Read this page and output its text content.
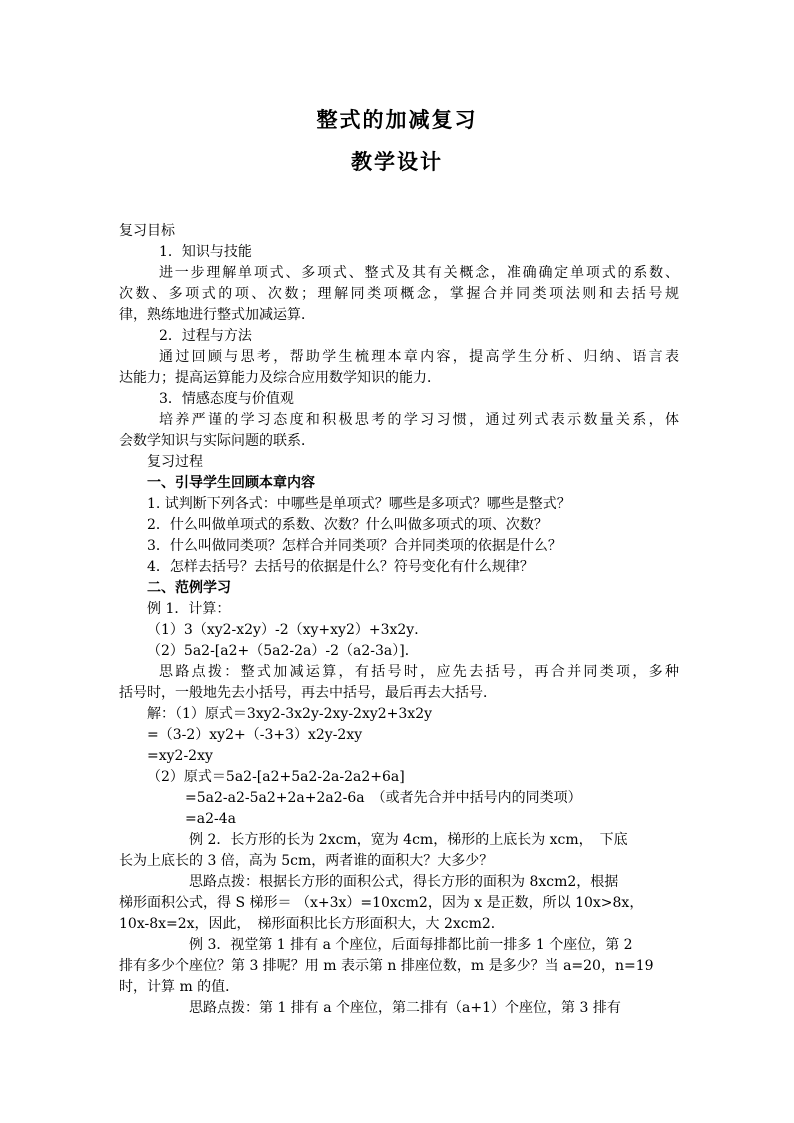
整式的加减复习
教学设计
复习目标
1．知识与技能
进一步理解单项式、多项式、整式及其有关概念，准确确定单项式的系数、
次数、多项式的项、次数；理解同类项概念，掌握合并同类项法则和去括号规
律，熟练地进行整式加减运算．
2．过程与方法
通过回顾与思考，帮助学生梳理本章内容，提高学生分析、归纳、语言表
达能力；提高运算能力及综合应用数学知识的能力．
3．情感态度与价值观
培养严谨的学习态度和积极思考的学习习惯，通过列式表示数量关系，体
会数学知识与实际问题的联系．
复习过程
一、引导学生回顾本章内容
1. 试判断下列各式：中哪些是单项式？哪些是多项式？哪些是整式？
2．什么叫做单项式的系数、次数？什么叫做多项式的项、次数？
3．什么叫做同类项？怎样合并同类项？合并同类项的依据是什么？
4．怎样去括号？去括号的依据是什么？符号变化有什么规律？
二、范例学习
例 1．计算：
（1）3（xy2-x2y）-2（xy+xy2）+3x2y．
（2）5a2-[a2+（5a2-2a）-2（a2-3a）]．
思路点拨：整式加减运算，有括号时，应先去括号，再合并同类项，多种
括号时，一般地先去小括号，再去中括号，最后再去大括号．
解：（1）原式＝3xy2-3x2y-2xy-2xy2+3x2y
=（3-2）xy2+（-3+3）x2y-2xy
=xy2-2xy
（2）原式＝5a2-[a2+5a2-2a-2a2+6a]
=5a2-a2-5a2+2a+2a2-6a　（或者先合并中括号内的同类项）
=a2-4a
例 2．长方形的长为 2xcm，宽为 4cm，梯形的上底长为 xcm，　下底
长为上底长的 3 倍，高为 5cm，两者谁的面积大？大多少？
思路点拨：根据长方形的面积公式，得长方形的面积为 8xcm2，根据
梯形面积公式，得 S 梯形＝ （x+3x）=10xcm2，因为 x 是正数，所以 10x>8x，
10x-8x=2x，因此，　梯形面积比长方形面积大，大 2xcm2．
例 3．视堂第 1 排有 a 个座位，后面每排都比前一排多 1 个座位，第 2
排有多少个座位？第 3 排呢？用 m 表示第 n 排座位数，m 是多少？当 a=20，n=19
时，计算 m 的值．
思路点拨：第 1 排有 a 个座位，第二排有（a+1）个座位，第 3 排有
